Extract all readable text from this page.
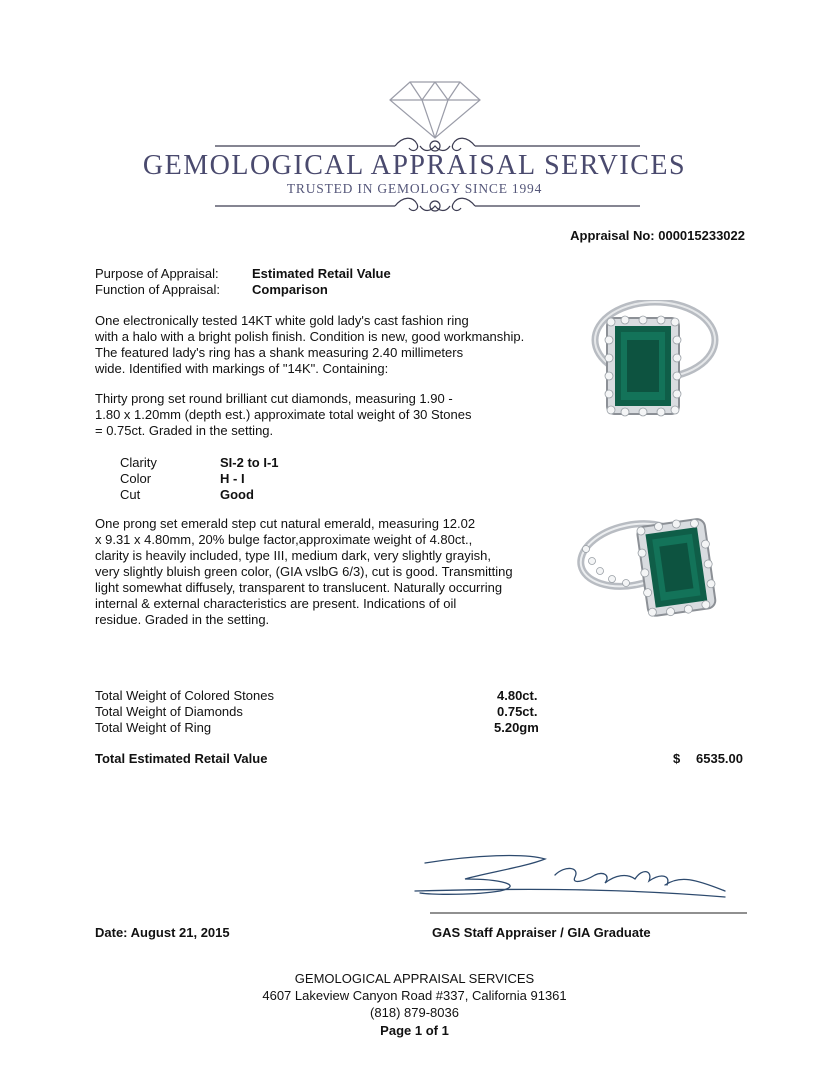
GEMOLOGICAL APPRAISAL SERVICES
TRUSTED IN GEMOLOGY SINCE 1994
Appraisal No: 000015233022
Purpose of Appraisal:	Estimated Retail Value
Function of Appraisal: Comparison
One electronically tested 14KT white gold lady's cast fashion ring
with a halo with a bright polish finish. Condition is new, good workmanship.
The featured lady's ring has a shank measuring 2.40 millimeters
wide. Identified with markings of "14K". Containing:
Thirty prong set round brilliant cut diamonds, measuring 1.90 -
1.80 x 1.20mm (depth est.) approximate total weight of 30 Stones
= 0.75ct. Graded in the setting.
Clarity	SI-2 to I-1
Color	H - I
Cut	Good
One prong set emerald step cut natural emerald, measuring 12.02
x 9.31 x 4.80mm, 20% bulge factor,approximate weight of 4.80ct.,
clarity is heavily included, type III, medium dark, very slightly grayish,
very slightly bluish green color, (GIA vslbG 6/3), cut is good. Transmitting
light somewhat diffusely, transparent to translucent. Naturally occurring
internal & external characteristics are present. Indications of oil
residue. Graded in the setting.
Total Weight of Colored Stones	4.80ct.
Total Weight of Diamonds	0.75ct.
Total Weight of Ring	5.20gm
Total Estimated Retail Value	$ 6535.00
Date: August 21, 2015	GAS Staff Appraiser / GIA Graduate
GEMOLOGICAL APPRAISAL SERVICES
4607 Lakeview Canyon Road #337, California 91361
(818) 879-8036
Page 1 of 1
